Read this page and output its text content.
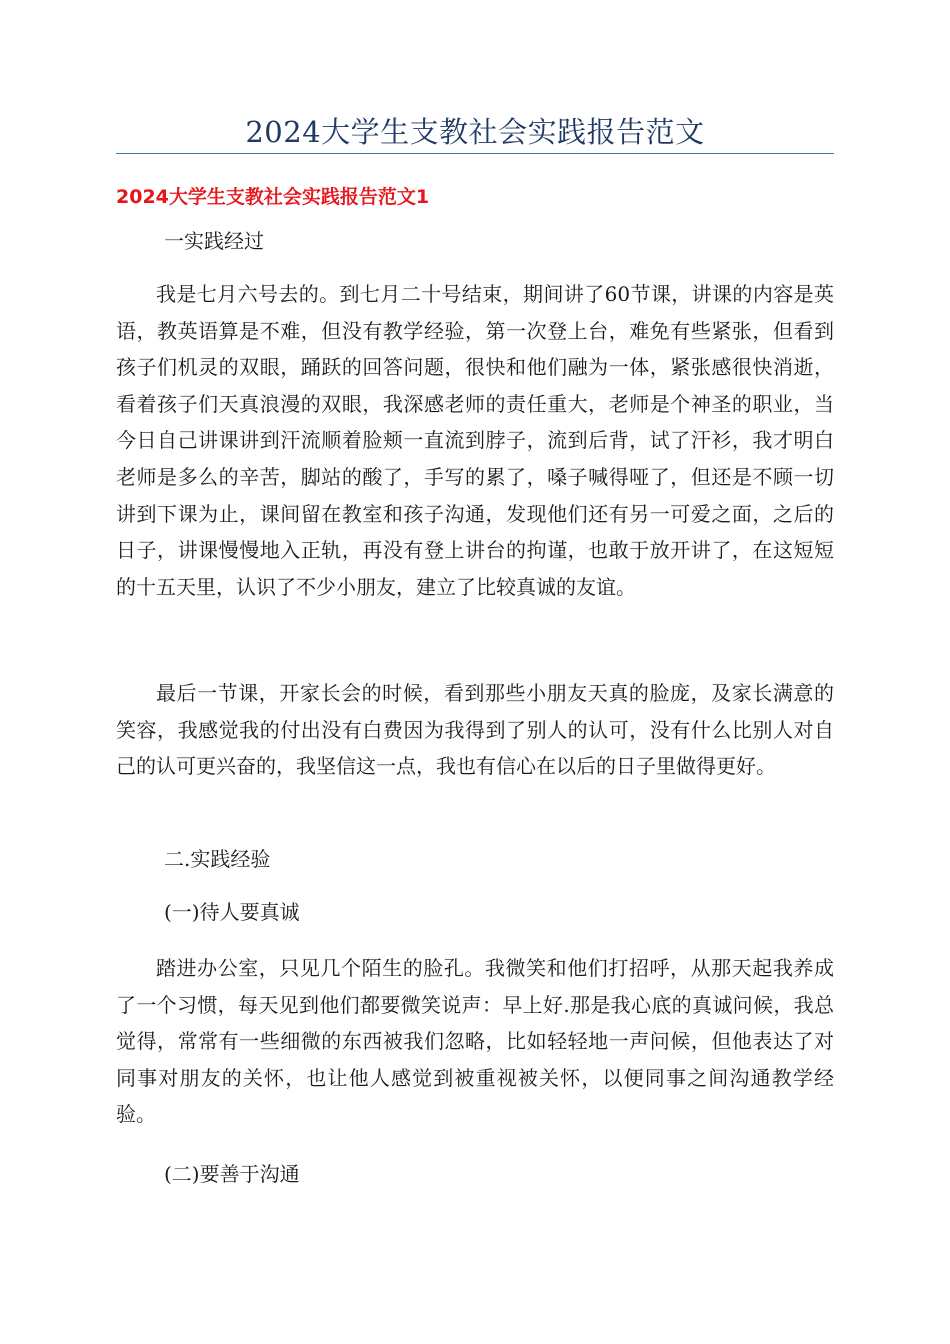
2024大学生支教社会实践报告范文
2024大学生支教社会实践报告范文1

一实践经过

我是七月六号去的。到七月二十号结束，期间讲了60节课，讲课的内容是英语，教英语算是不难，但没有教学经验，第一次登上台，难免有些紧张，但看到孩子们机灵的双眼，踊跃的回答问题，很快和他们融为一体，紧张感很快消逝，看着孩子们天真浪漫的双眼，我深感老师的责任重大，老师是个神圣的职业，当今日自己讲课讲到汗流顺着脸颊一直流到脖子，流到后背，试了汗衫，我才明白老师是多么的辛苦，脚站的酸了，手写的累了，嗓子喊得哑了，但还是不顾一切讲到下课为止，课间留在教室和孩子沟通，发现他们还有另一可爱之面，之后的日子，讲课慢慢地入正轨，再没有登上讲台的拘谨，也敢于放开讲了，在这短短的十五天里，认识了不少小朋友，建立了比较真诚的友谊。

最后一节课，开家长会的时候，看到那些小朋友天真的脸庞，及家长满意的笑容，我感觉我的付出没有白费因为我得到了别人的认可，没有什么比别人对自己的认可更兴奋的，我坚信这一点，我也有信心在以后的日子里做得更好。

二.实践经验

(一)待人要真诚

踏进办公室，只见几个陌生的脸孔。我微笑和他们打招呼，从那天起我养成了一个习惯，每天见到他们都要微笑说声：早上好.那是我心底的真诚问候，我总觉得，常常有一些细微的东西被我们忽略，比如轻轻地一声问候，但他表达了对同事对朋友的关怀，也让他人感觉到被重视被关怀，以便同事之间沟通教学经验。

(二)要善于沟通
